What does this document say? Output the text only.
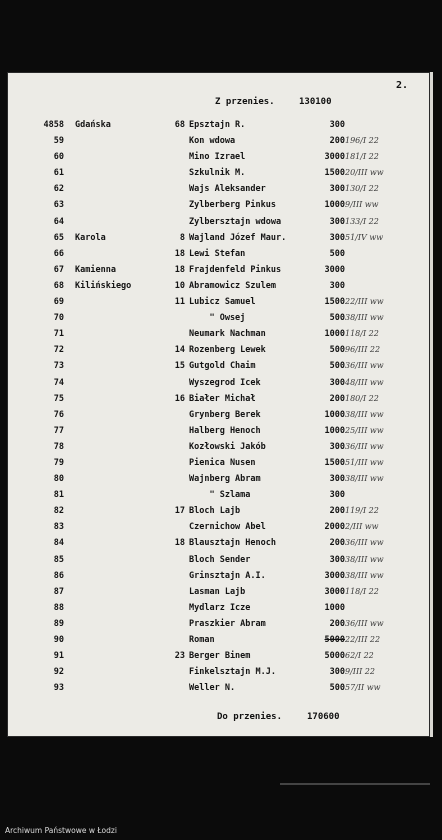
2.
Z przenies.	130100
4858 Gdańska	68 Epsztajn R.	300
59	Kon wdowa	200 196/I 22
60	Mino Izrael	3000 181/I 22
61	Szkulnik M.	1500 20/III ww
62	Wajs Aleksander	300 130/I 22
63	Zylberberg Pinkus	1000 9/III ww
64	Zylbersztajn wdowa	300 133/I 22
65 Karola	8 Wajland Józef Maur.	300 51/IV ww
66	18 Lewi Stefan	500
67 Kamienna	18 Frajdenfeld Pinkus	3000
68 Kilińskiego	10 Abramowicz Szulem	300
69	11 Lubicz Samuel	1500 22/III ww
70	" Owsej	500 38/III ww
71	Neumark Nachman	1000 118/I 22
72	14 Rozenberg Lewek	500 96/III 22
73	15 Gutgold Chaim	500 36/III ww
74	Wyszegrod Icek	300 48/III ww
75	16 Białer Michał	200 180/I 22
76	Grynberg Berek	1000 38/III ww
77	Halberg Henoch	1000 25/III ww
78	Kozłowski Jakób	300 36/III ww
79	Pienica Nusen	1500 51/III ww
80	Wajnberg Abram	300 38/III ww
81	" Szlama	300
82	17 Bloch Lajb	200 119/I 22
83	Czernichow Abel	2000 2/III ww
84	18 Blausztajn Henoch	200 36/III ww
85	Bloch Sender	300 38/III ww
86	Grinsztajn A.I.	3000 38/III ww
87	Lasman Lajb	3000 118/I 22
88	Mydlarz Icze	1000
89	Praszkier Abram	200 36/III ww
90	Roman	5000 22/III 22
91	23 Berger Binem	5000 62/I 22
92	Finkelsztajn M.J.	300 9/III 22
93	Weller N.	500 57/II ww
Do przenies.	170600
Archiwum Państwowe w Łodzi
